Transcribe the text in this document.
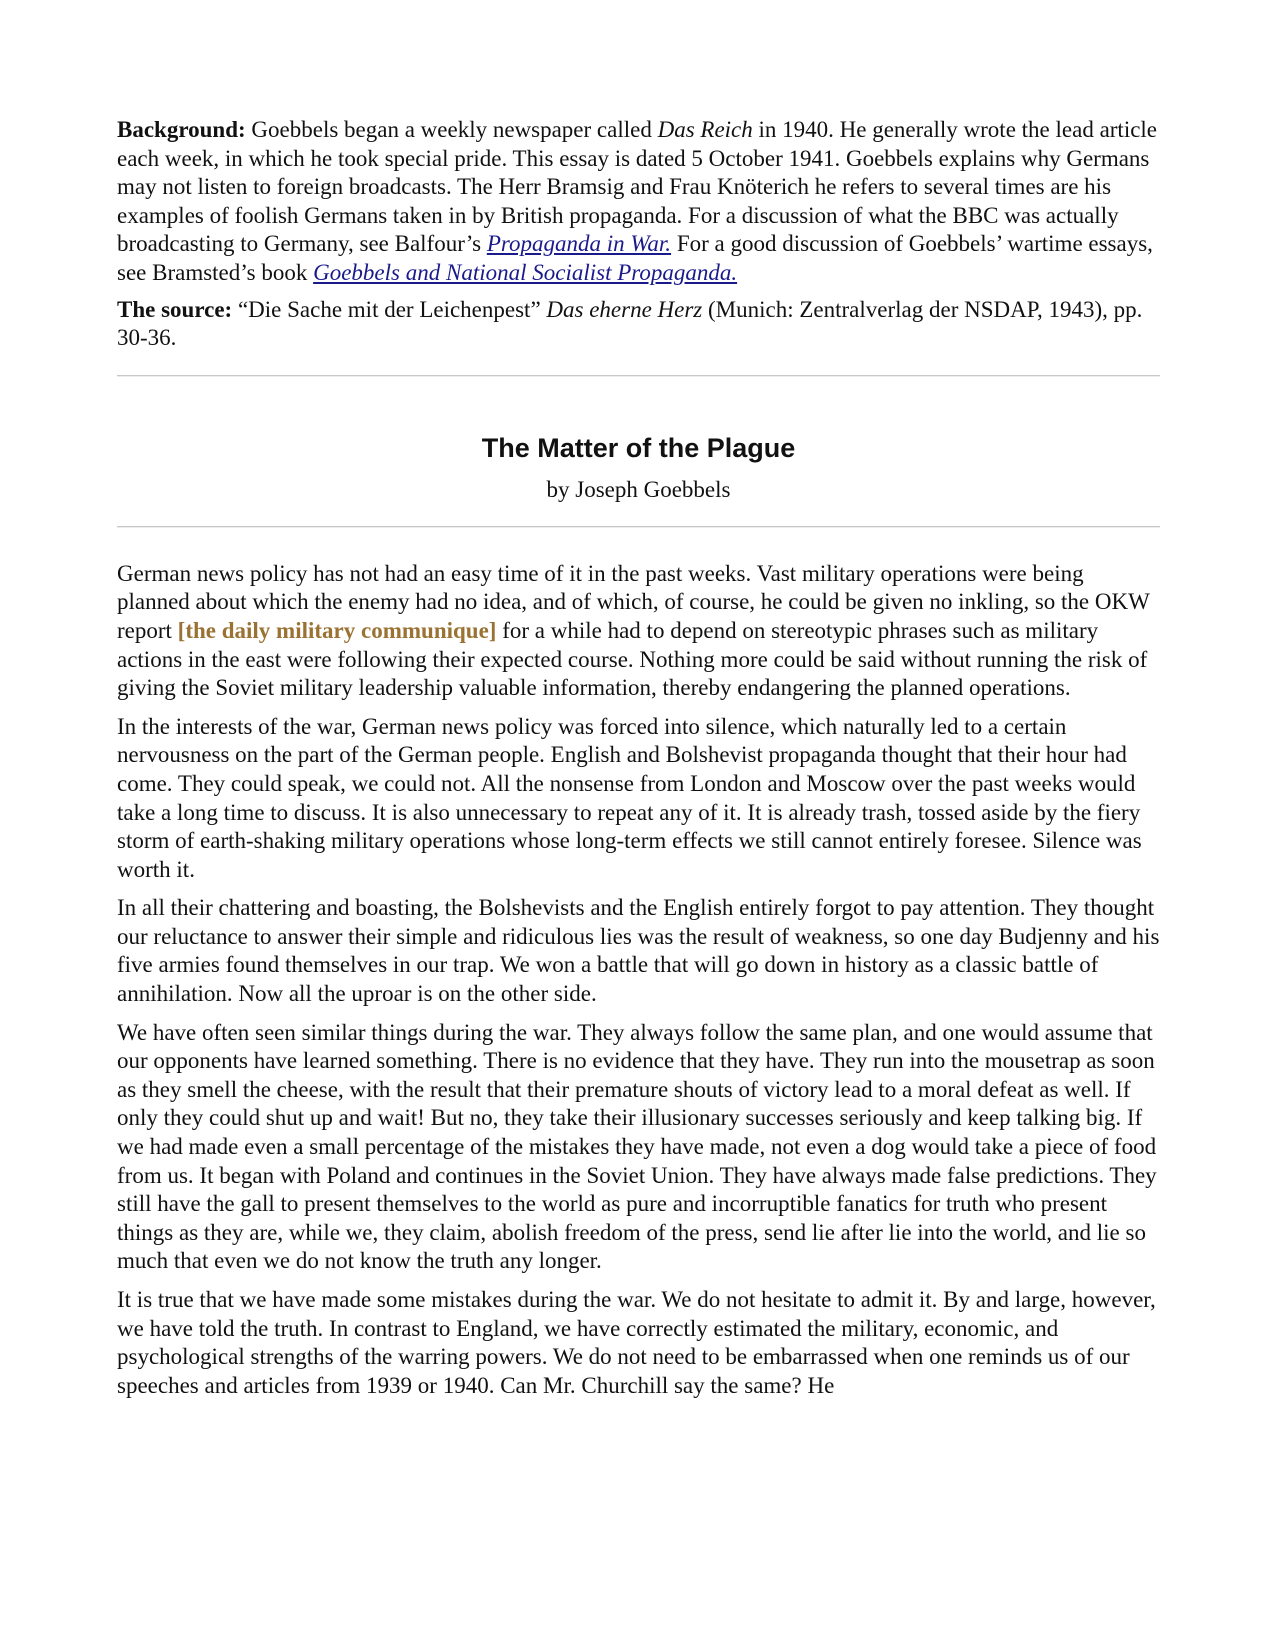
Background: Goebbels began a weekly newspaper called Das Reich in 1940. He generally wrote the lead article each week, in which he took special pride. This essay is dated 5 October 1941. Goebbels explains why Germans may not listen to foreign broadcasts. The Herr Bramsig and Frau Knöterich he refers to several times are his examples of foolish Germans taken in by British propaganda. For a discussion of what the BBC was actually broadcasting to Germany, see Balfour’s Propaganda in War. For a good discussion of Goebbels’ wartime essays, see Bramsted’s book Goebbels and National Socialist Propaganda.

The source: “Die Sache mit der Leichenpest” Das eherne Herz (Munich: Zentralverlag der NSDAP, 1943), pp. 30-36.

The Matter of the Plague
by Joseph Goebbels

German news policy has not had an easy time of it in the past weeks. Vast military operations were being planned about which the enemy had no idea, and of which, of course, he could be given no inkling, so the OKW report [the daily military communique] for a while had to depend on stereotypic phrases such as military actions in the east were following their expected course. Nothing more could be said without running the risk of giving the Soviet military leadership valuable information, thereby endangering the planned operations.

In the interests of the war, German news policy was forced into silence, which naturally led to a certain nervousness on the part of the German people. English and Bolshevist propaganda thought that their hour had come. They could speak, we could not. All the nonsense from London and Moscow over the past weeks would take a long time to discuss. It is also unnecessary to repeat any of it. It is already trash, tossed aside by the fiery storm of earth-shaking military operations whose long-term effects we still cannot entirely foresee. Silence was worth it.

In all their chattering and boasting, the Bolshevists and the English entirely forgot to pay attention. They thought our reluctance to answer their simple and ridiculous lies was the result of weakness, so one day Budjenny and his five armies found themselves in our trap. We won a battle that will go down in history as a classic battle of annihilation. Now all the uproar is on the other side.

We have often seen similar things during the war. They always follow the same plan, and one would assume that our opponents have learned something. There is no evidence that they have. They run into the mousetrap as soon as they smell the cheese, with the result that their premature shouts of victory lead to a moral defeat as well. If only they could shut up and wait! But no, they take their illusionary successes seriously and keep talking big. If we had made even a small percentage of the mistakes they have made, not even a dog would take a piece of food from us. It began with Poland and continues in the Soviet Union. They have always made false predictions. They still have the gall to present themselves to the world as pure and incorruptible fanatics for truth who present things as they are, while we, they claim, abolish freedom of the press, send lie after lie into the world, and lie so much that even we do not know the truth any longer.

It is true that we have made some mistakes during the war. We do not hesitate to admit it. By and large, however, we have told the truth. In contrast to England, we have correctly estimated the military, economic, and psychological strengths of the warring powers. We do not need to be embarrassed when one reminds us of our speeches and articles from 1939 or 1940. Can Mr. Churchill say the same? He
